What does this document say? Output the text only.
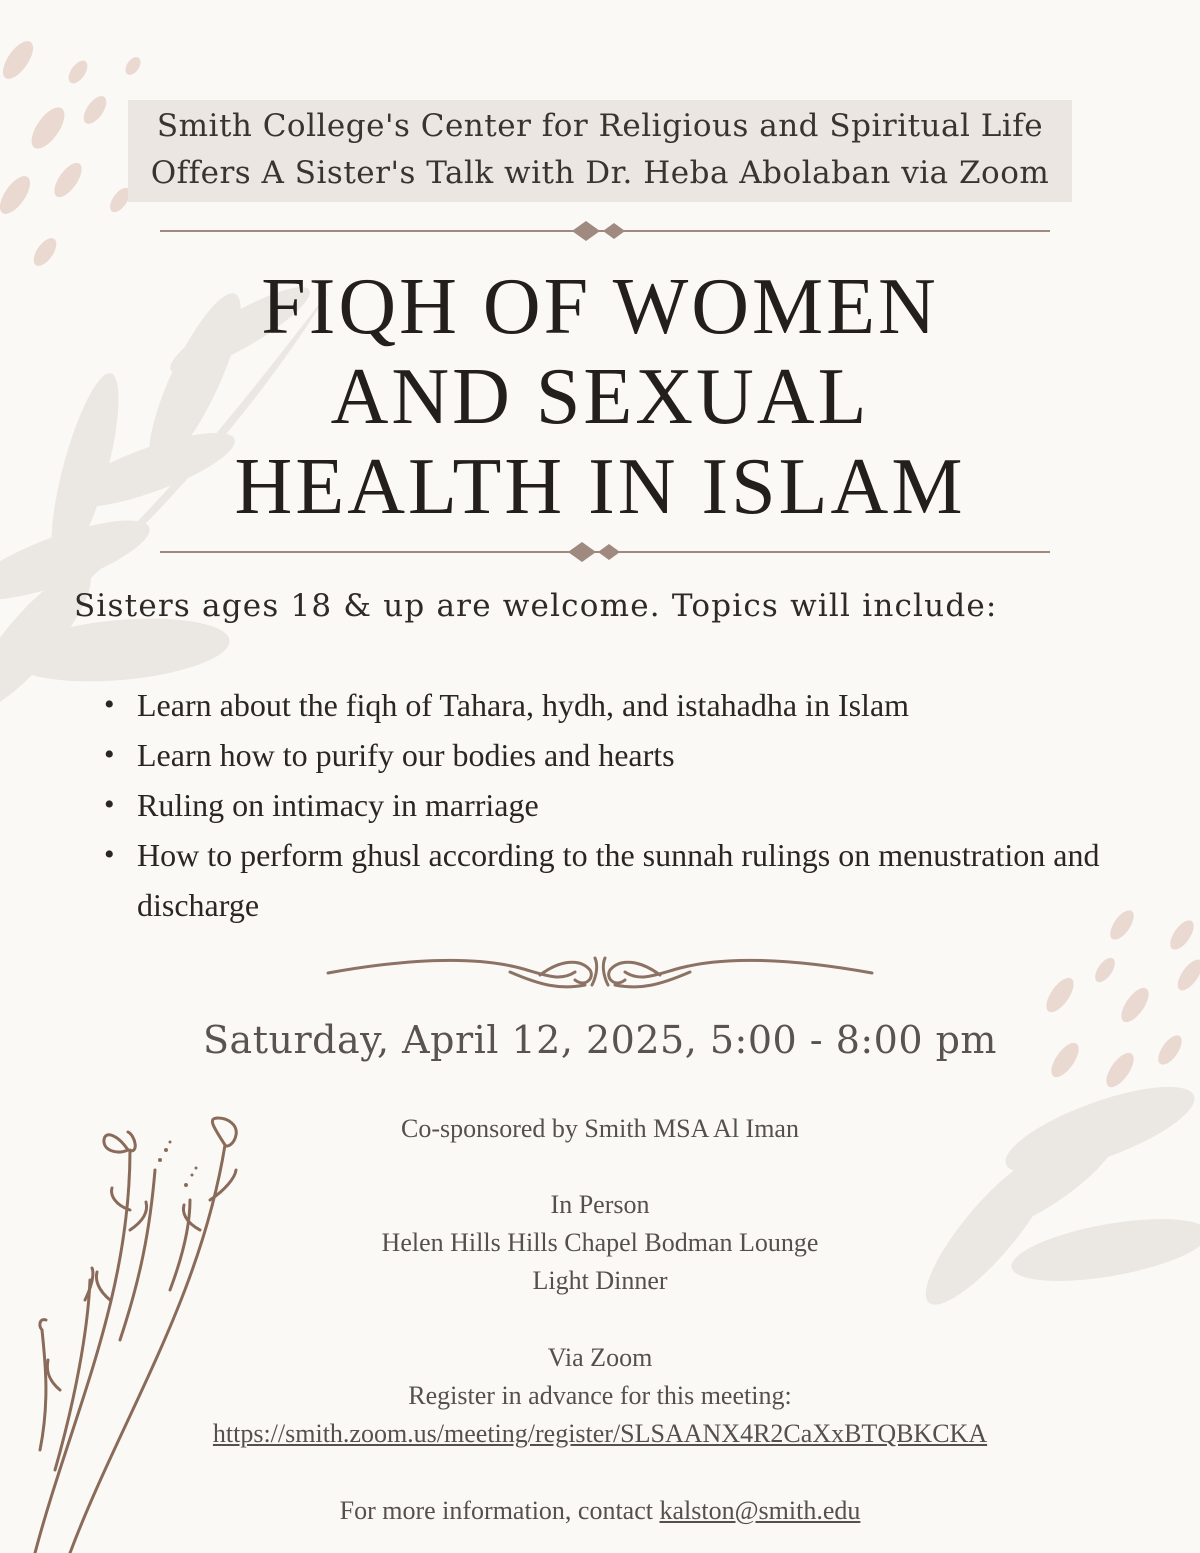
Smith College's Center for Religious and Spiritual Life
Offers A Sister's Talk with Dr. Heba Abolaban via Zoom
FIQH OF WOMEN
AND SEXUAL
HEALTH IN ISLAM
Sisters ages 18 & up are welcome. Topics will include:
• Learn about the fiqh of Tahara, hydh, and istahadha in Islam
• Learn how to purify our bodies and hearts
• Ruling on intimacy in marriage
• How to perform ghusl according to the sunnah rulings on menustration and discharge
Saturday, April 12, 2025, 5:00 - 8:00 pm
Co-sponsored by Smith MSA Al Iman
In Person
Helen Hills Hills Chapel Bodman Lounge
Light Dinner
Via Zoom
Register in advance for this meeting:
https://smith.zoom.us/meeting/register/SLSAANX4R2CaXxBTQBKCKA
For more information, contact kalston@smith.edu
